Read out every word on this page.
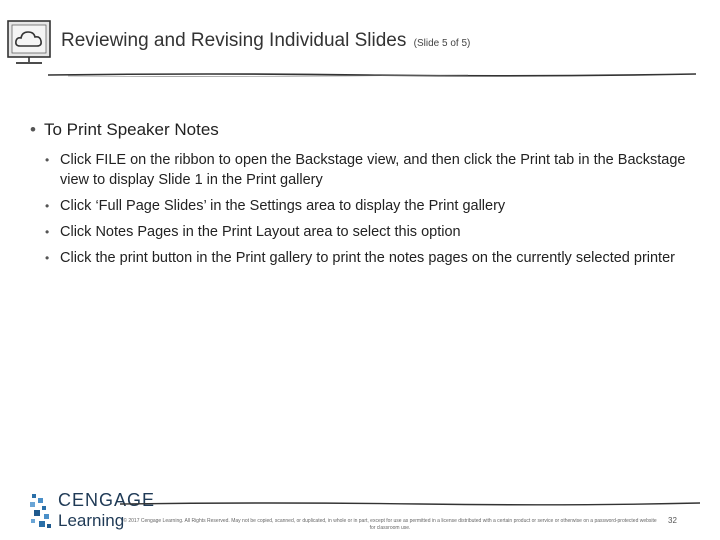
Reviewing and Revising Individual Slides (Slide 5 of 5)
• To Print Speaker Notes
• Click FILE on the ribbon to open the Backstage view, and then click the Print tab in the Backstage view to display Slide 1 in the Print gallery
• Click ‘Full Page Slides’ in the Settings area to display the Print gallery
• Click Notes Pages in the Print Layout area to select this option
• Click the print button in the Print gallery to print the notes pages on the currently selected printer
CENGAGE
Learning © 2017 Cengage Learning. All Rights Reserved. May not be copied, scanned, or duplicated, in whole or in part, except for use as permitted in a license distributed with a certain product or service or otherwise on a password-protected website for classroom use.
32
